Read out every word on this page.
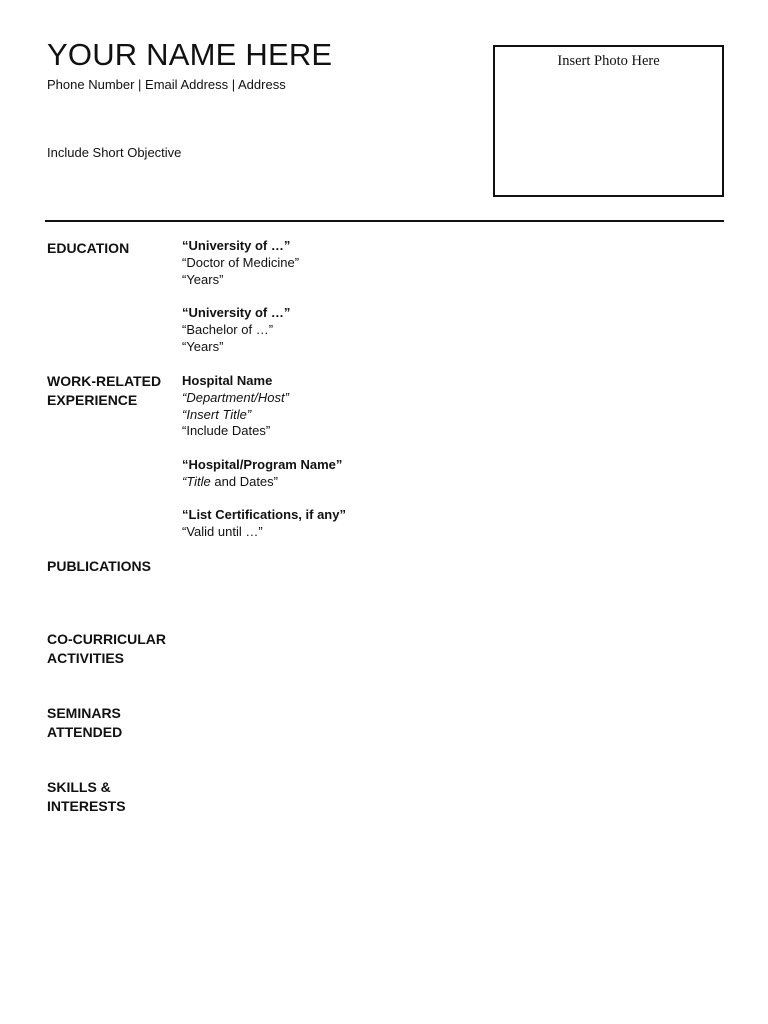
YOUR NAME HERE
Phone Number | Email Address | Address
Include Short Objective
Insert Photo Here
EDUCATION	“University of …”
“Doctor of Medicine”
“Years”
“University of …”
“Bachelor of …”
“Years”
WORK-RELATED
EXPERIENCE
Hospital Name
“Department/Host”
“Insert Title”
“Include Dates”
“Hospital/Program Name”
“Title and Dates”
“List Certifications, if any”
“Valid until …”
PUBLICATIONS
CO-CURRICULAR
ACTIVITIES
SEMINARS
ATTENDED
SKILLS &
INTERESTS
